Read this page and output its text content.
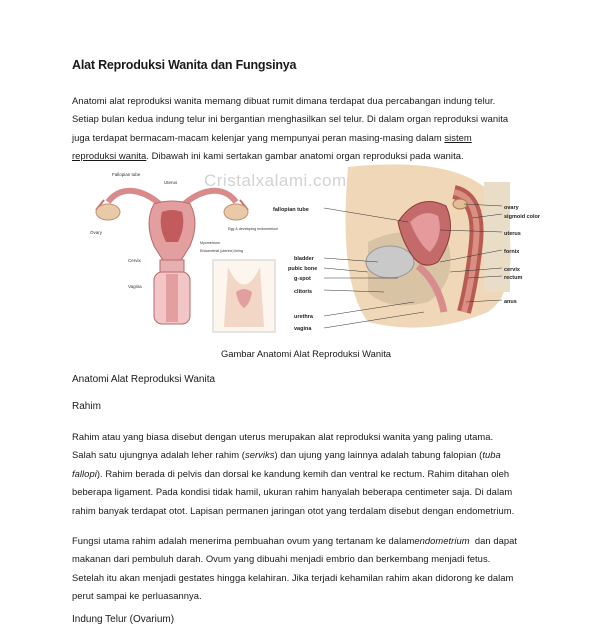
Alat Reproduksi Wanita dan Fungsinya
Anatomi alat reproduksi wanita memang dibuat rumit dimana terdapat dua percabangan indung telur.
Setiap bulan kedua indung telur ini bergantian menghasilkan sel telur. Di dalam organ reproduksi wanita
juga terdapat bermacam-macam kelenjar yang mempunyai peran masing-masing dalam sistem
reproduksi wanita. Dibawah ini kami sertakan gambar anatomi organ reproduksi pada wanita.
Fallopian tube
Uterus
Ovary
Egg & developing endometrium
Myometrium
Endometrial (uterine) lining
Cervix
Vagina
Cristalxalami.com
fallopian tube	ovary
sigmoid colon
uterus
fornix
cervix
rectum
bladder
pubic bone
g-spot
clitoris
anus
urethra
vagina
Gambar Anatomi Alat Reproduksi Wanita
Anatomi Alat Reproduksi Wanita
Rahim
Rahim atau yang biasa disebut dengan uterus merupakan alat reproduksi wanita yang paling utama.
Salah satu ujungnya adalah leher rahim (serviks) dan ujung yang lainnya adalah tabung falopian (tuba
fallopi). Rahim berada di pelvis dan dorsal ke kandung kemih dan ventral ke rectum. Rahim ditahan oleh
beberapa ligament. Pada kondisi tidak hamil, ukuran rahim hanyalah beberapa centimeter saja. Di dalam
rahim banyak terdapat otot. Lapisan permanen jaringan otot yang terdalam disebut dengan endometrium.
Fungsi utama rahim adalah menerima pembuahan ovum yang tertanam ke dalamendometrium dan dapat
makanan dari pembuluh darah. Ovum yang dibuahi menjadi embrio dan berkembang menjadi fetus.
Setelah itu akan menjadi gestates hingga kelahiran. Jika terjadi kehamilan rahim akan didorong ke dalam
perut sampai ke perluasannya.
Indung Telur (Ovarium)
